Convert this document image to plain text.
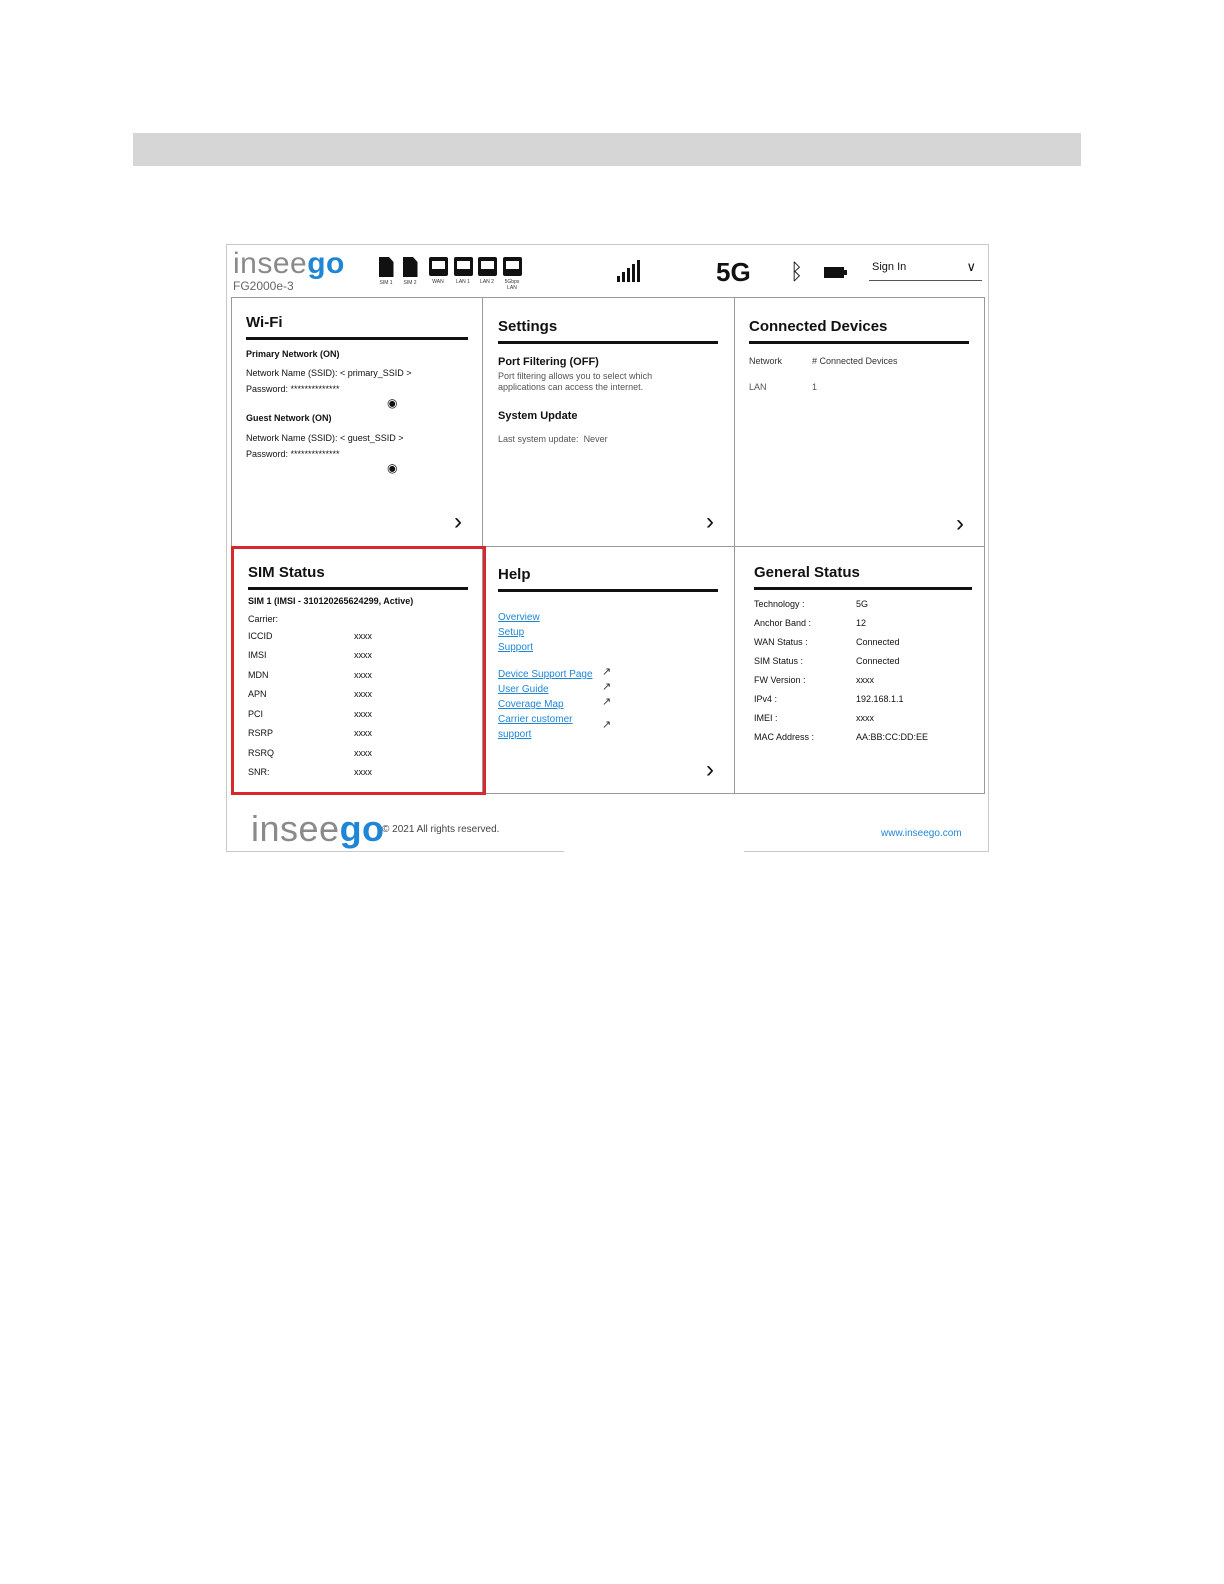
inseego
FG2000e-3	SIM 1 SIM 2	WAN LAN 1 LAN 2	5Gbps LAN
5G ᛒ	Sign In	∨
Wi-Fi
Primary Network (ON)
Network Name (SSID): < primary_SSID >
Password: **************
◉
Guest Network (ON)
Network Name (SSID): < guest_SSID >
Password: **************
◉
›
Settings
Port Filtering (OFF)
Port filtering allows you to select which applications can access the internet.
System Update
Last system update: Never
›
Connected Devices
Network	# Connected Devices
LAN	1
›
SIM Status
SIM 1 (IMSI - 310120265624299, Active)
Carrier:
ICCID	xxxx
IMSI	xxxx
MDN	xxxx
APN	xxxx
PCI	xxxx
RSRP	xxxx
RSRQ	xxxx
SNR:	xxxx
Help
Overview
Setup
Support
Device Support Page
User Guide
Coverage Map
Carrier customer
support
↗
↗
↗
↗
›
General Status
Technology :	5G
Anchor Band :	12
WAN Status :	Connected
SIM Status :	Connected
FW Version :	xxxx
IPv4 :	192.168.1.1
IMEI :	xxxx
MAC Address :	AA:BB:CC:DD:EE
inseego
© 2021 All rights reserved.	www.inseego.com
